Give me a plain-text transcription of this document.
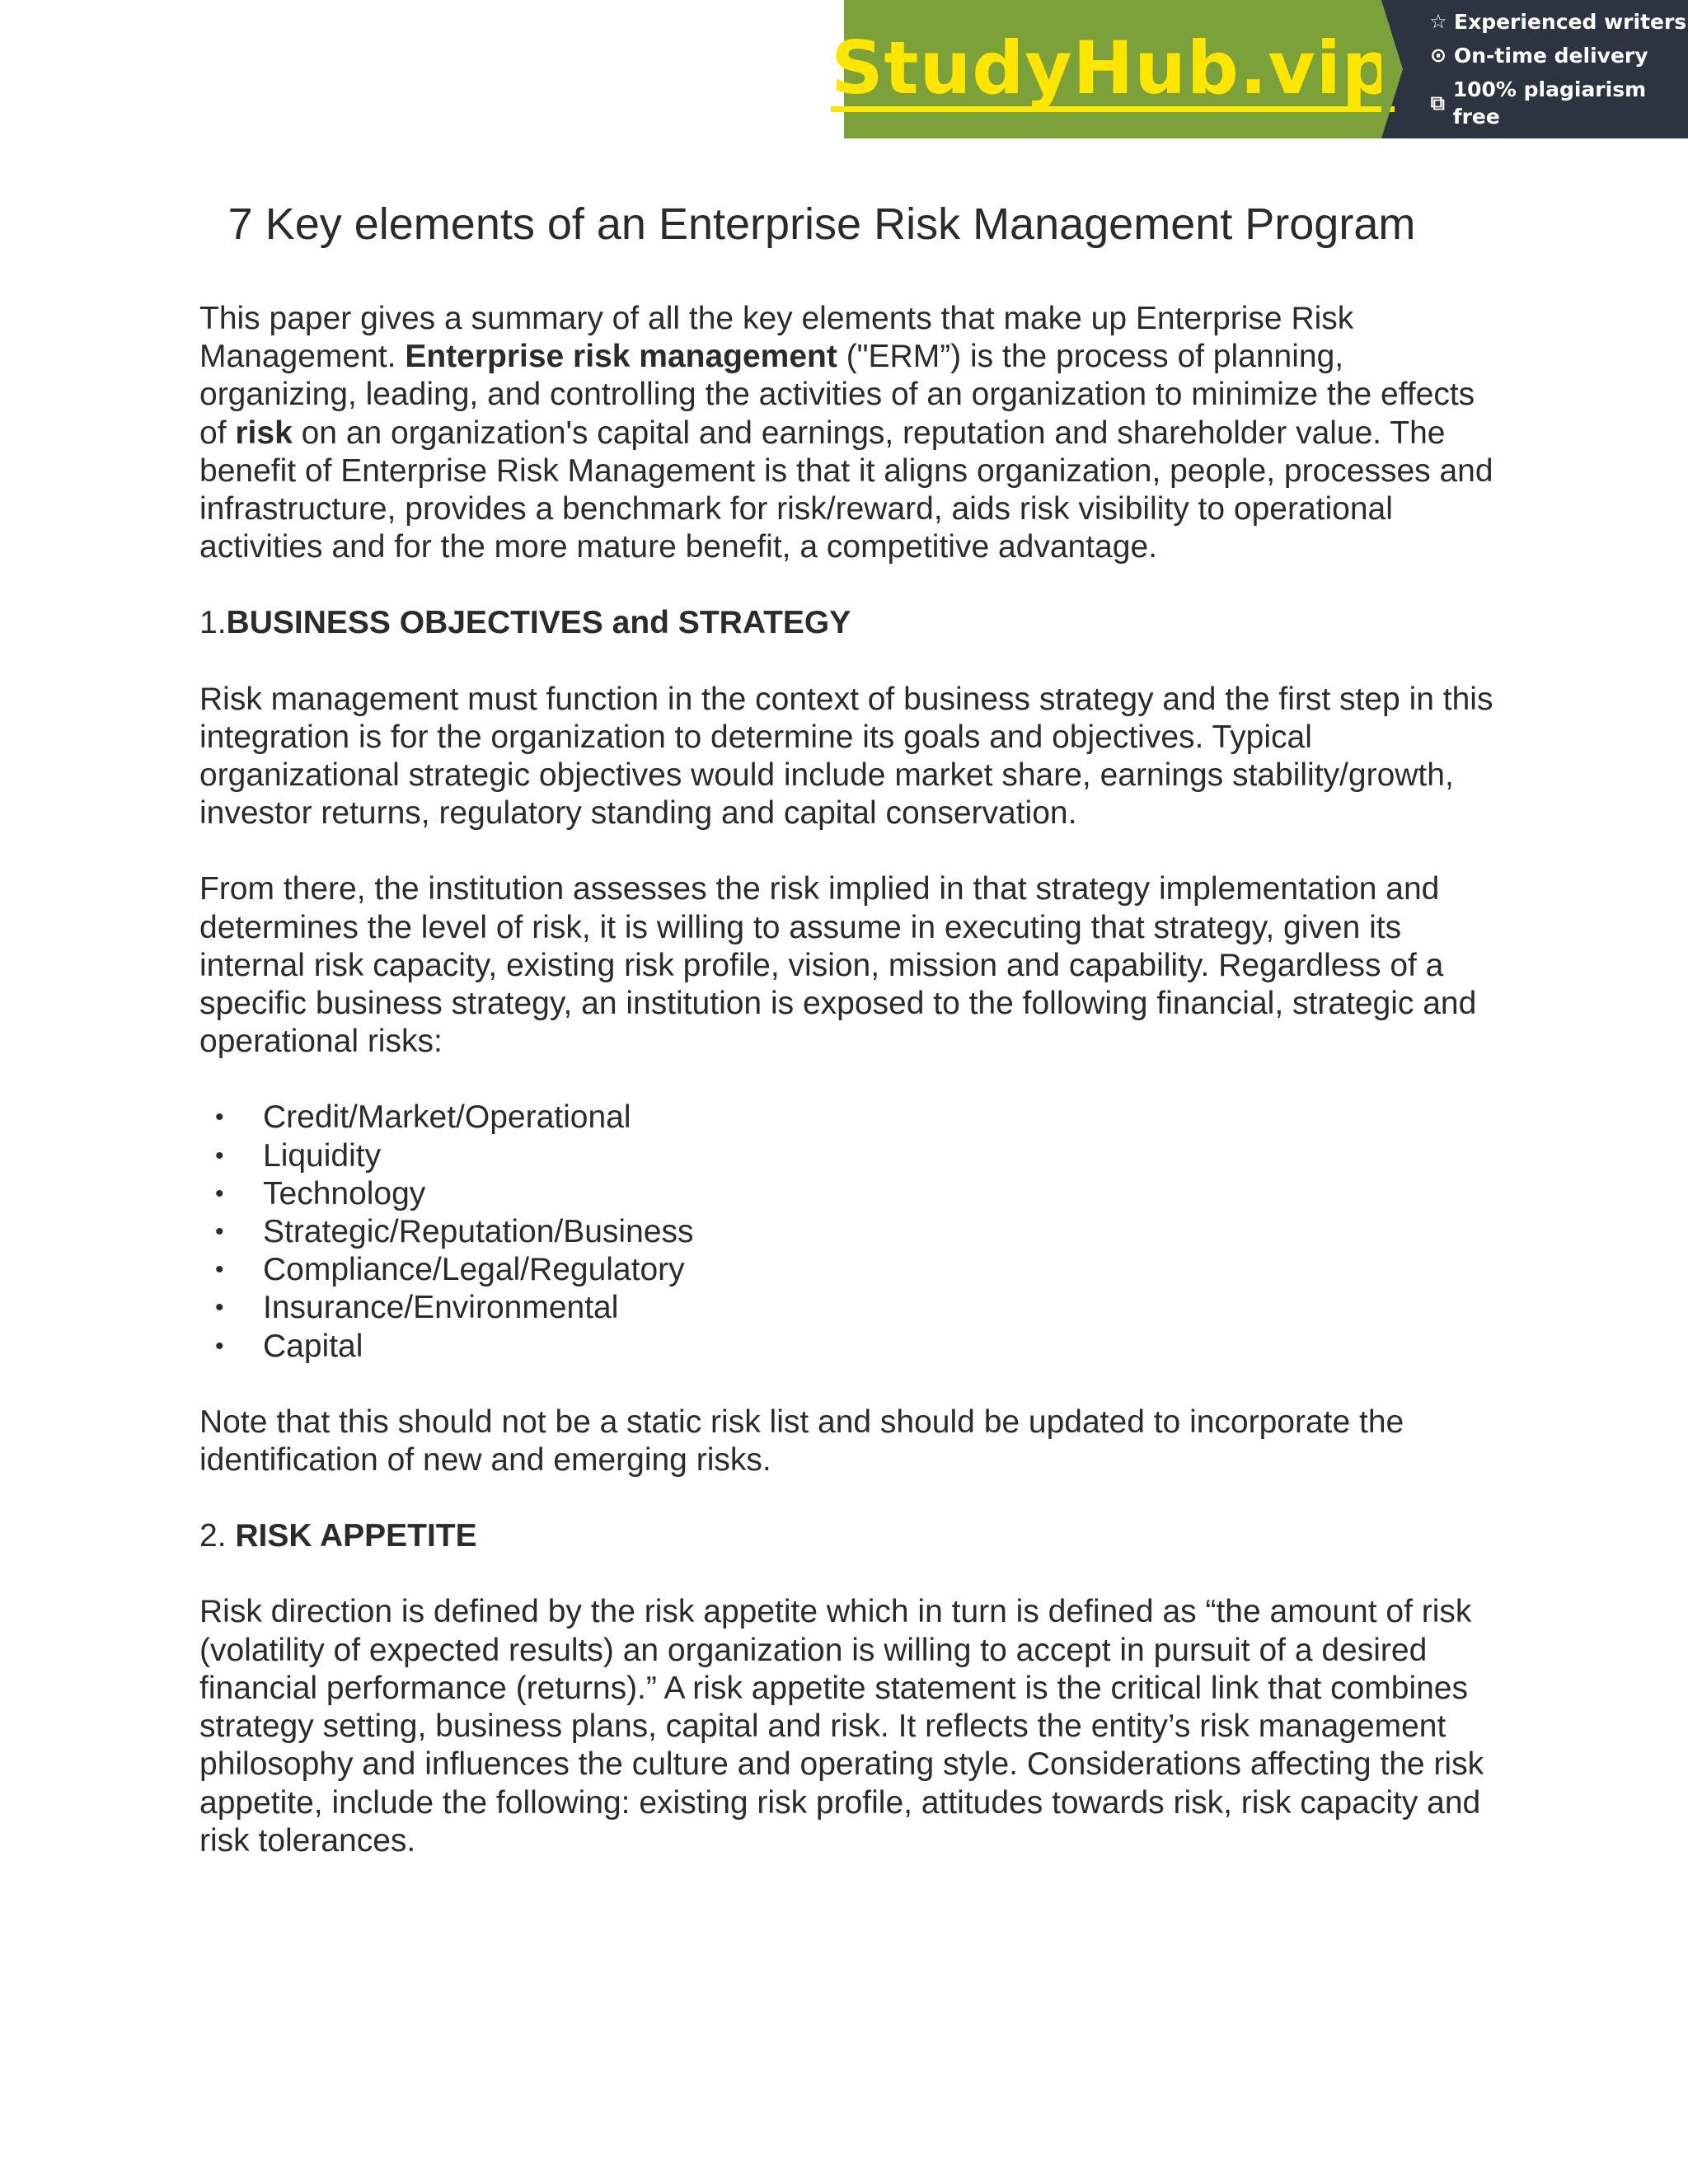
StudyHub.vip
☆ Experienced writers
⊙ On-time delivery
⧉
100% plagiarism free
7 Key elements of an Enterprise Risk Management Program

This paper gives a summary of all the key elements that make up Enterprise Risk Management. Enterprise risk management ("ERM”) is the process of planning, organizing, leading, and controlling the activities of an organization to minimize the effects of risk on an organization's capital and earnings, reputation and shareholder value. The benefit of Enterprise Risk Management is that it aligns organization, people, processes and infrastructure, provides a benchmark for risk/reward, aids risk visibility to operational activities and for the more mature benefit, a competitive advantage.

1.BUSINESS OBJECTIVES and STRATEGY

Risk management must function in the context of business strategy and the first step in this integration is for the organization to determine its goals and objectives. Typical organizational strategic objectives would include market share, earnings stability/growth, investor returns, regulatory standing and capital conservation.

From there, the institution assesses the risk implied in that strategy implementation and determines the level of risk, it is willing to assume in executing that strategy, given its internal risk capacity, existing risk profile, vision, mission and capability. Regardless of a specific business strategy, an institution is exposed to the following financial, strategic and operational risks:

• Credit/Market/Operational
• Liquidity
• Technology
• Strategic/Reputation/Business
• Compliance/Legal/Regulatory
• Insurance/Environmental
• Capital

Note that this should not be a static risk list and should be updated to incorporate the identification of new and emerging risks.

2. RISK APPETITE

Risk direction is defined by the risk appetite which in turn is defined as “the amount of risk (volatility of expected results) an organization is willing to accept in pursuit of a desired financial performance (returns).” A risk appetite statement is the critical link that combines strategy setting, business plans, capital and risk. It reflects the entity’s risk management philosophy and influences the culture and operating style. Considerations affecting the risk appetite, include the following: existing risk profile, attitudes towards risk, risk capacity and risk tolerances.
